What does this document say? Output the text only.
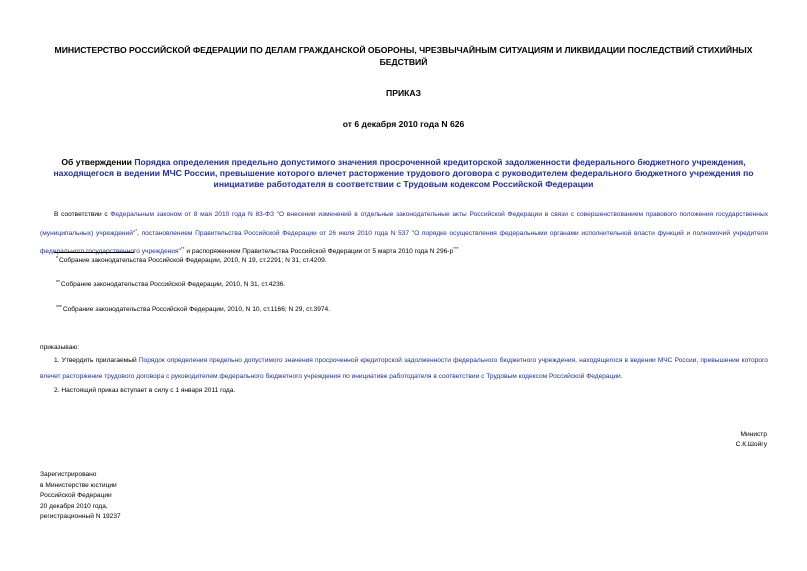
МИНИСТЕРСТВО РОССИЙСКОЙ ФЕДЕРАЦИИ ПО ДЕЛАМ ГРАЖДАНСКОЙ ОБОРОНЫ, ЧРЕЗВЫЧАЙНЫМ СИТУАЦИЯМ И ЛИКВИДАЦИИ ПОСЛЕДСТВИЙ СТИХИЙНЫХ БЕДСТВИЙ
ПРИКАЗ
от 6 декабря 2010 года N 626
Об утверждении Порядка определения предельно допустимого значения просроченной кредиторской задолженности федерального бюджетного учреждения, находящегося в ведении МЧС России, превышение которого влечет расторжение трудового договора с руководителем федерального бюджетного учреждения по инициативе работодателя в соответствии с Трудовым кодексом Российской Федерации
В соответствии с Федеральным законом от 8 мая 2010 года N 83-ФЗ "О внесении изменений в отдельные законодательные акты Российской Федерации в связи с совершенствованием правового положения государственных (муниципальных) учреждений"*, постановлением Правительства Российской Федерации от 26 июля 2010 года N 537 "О порядке осуществления федеральными органами исполнительной власти функций и полномочий учредителя федерального государственного учреждения"** и распоряжением Правительства Российской Федерации от 5 марта 2010 года N 296-р***
*Собрание законодательства Российской Федерации, 2010, N 19, ст.2291; N 31, ст.4209.
**Собрание законодательства Российской Федерации, 2010, N 31, ст.4236.
***Собрание законодательства Российской Федерации, 2010, N 10, ст.1166; N 29, ст.3974.
приказываю:
1. Утвердить прилагаемый Порядок определения предельно допустимого значения просроченной кредиторской задолженности федерального бюджетного учреждения, находящегося в ведении МЧС России, превышение которого влечет расторжение трудового договора с руководителем федерального бюджетного учреждения по инициативе работодателя в соответствии с Трудовым кодексом Российской Федерации.
2. Настоящий приказ вступает в силу с 1 января 2011 года.
Министр
С.К.Шойгу
Зарегистрировано
в Министерстве юстиции
Российской Федерации
20 декабря 2010 года,
регистрационный N 19237
